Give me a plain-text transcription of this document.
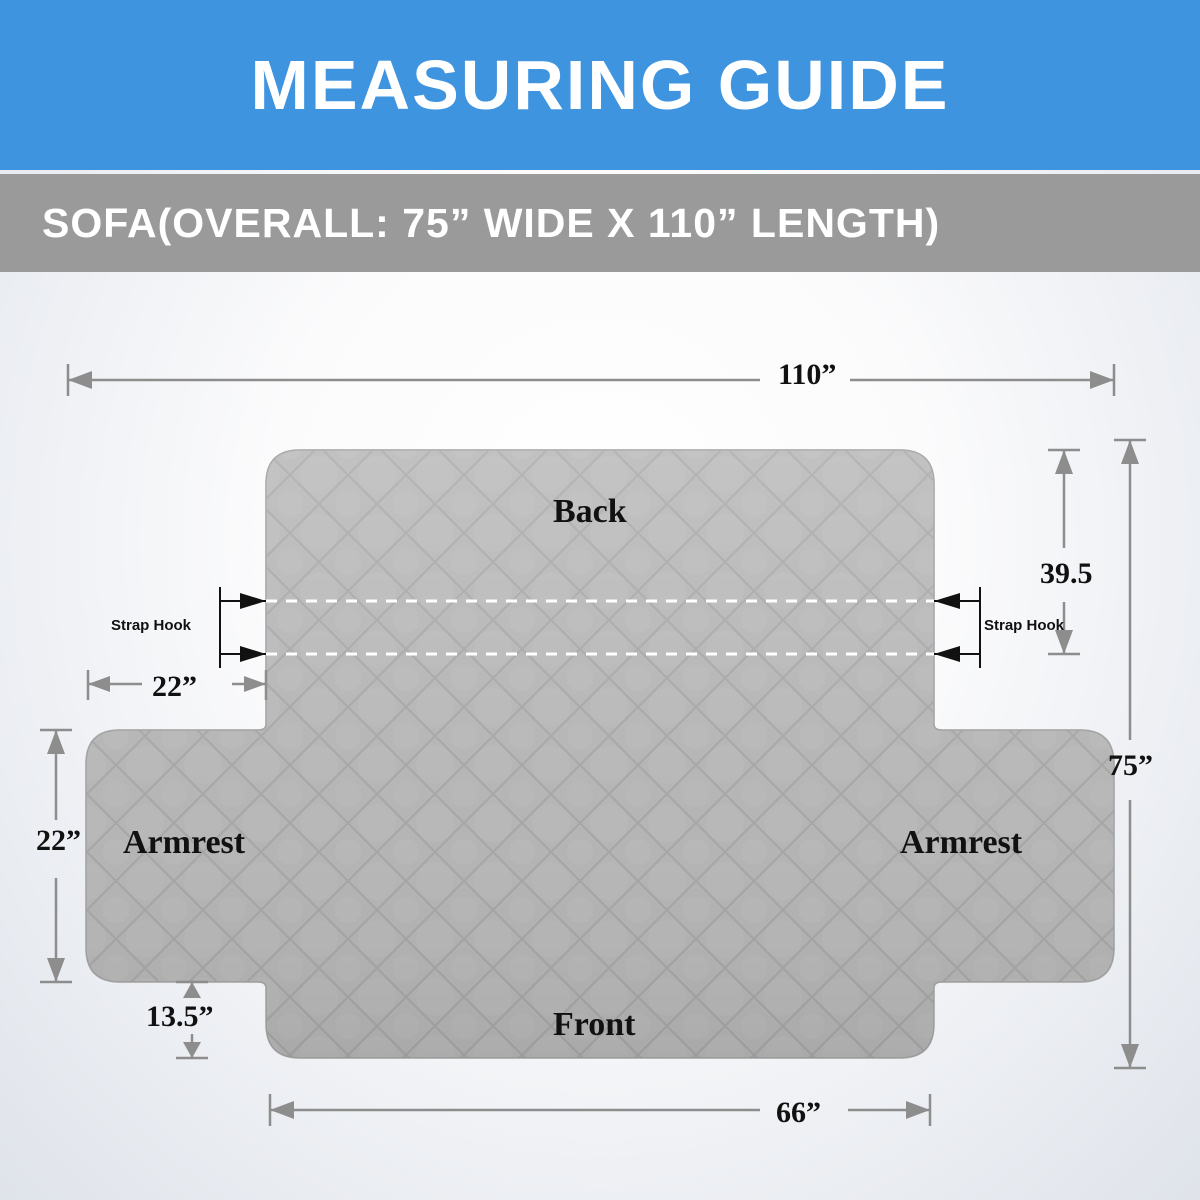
MEASURING GUIDE
SOFA(OVERALL: 75” WIDE X 110” LENGTH)
Back
Front
Armrest	Armrest
Strap Hook	Strap Hook
110”
66”
22”
22”
13.5”
39.5
75”
